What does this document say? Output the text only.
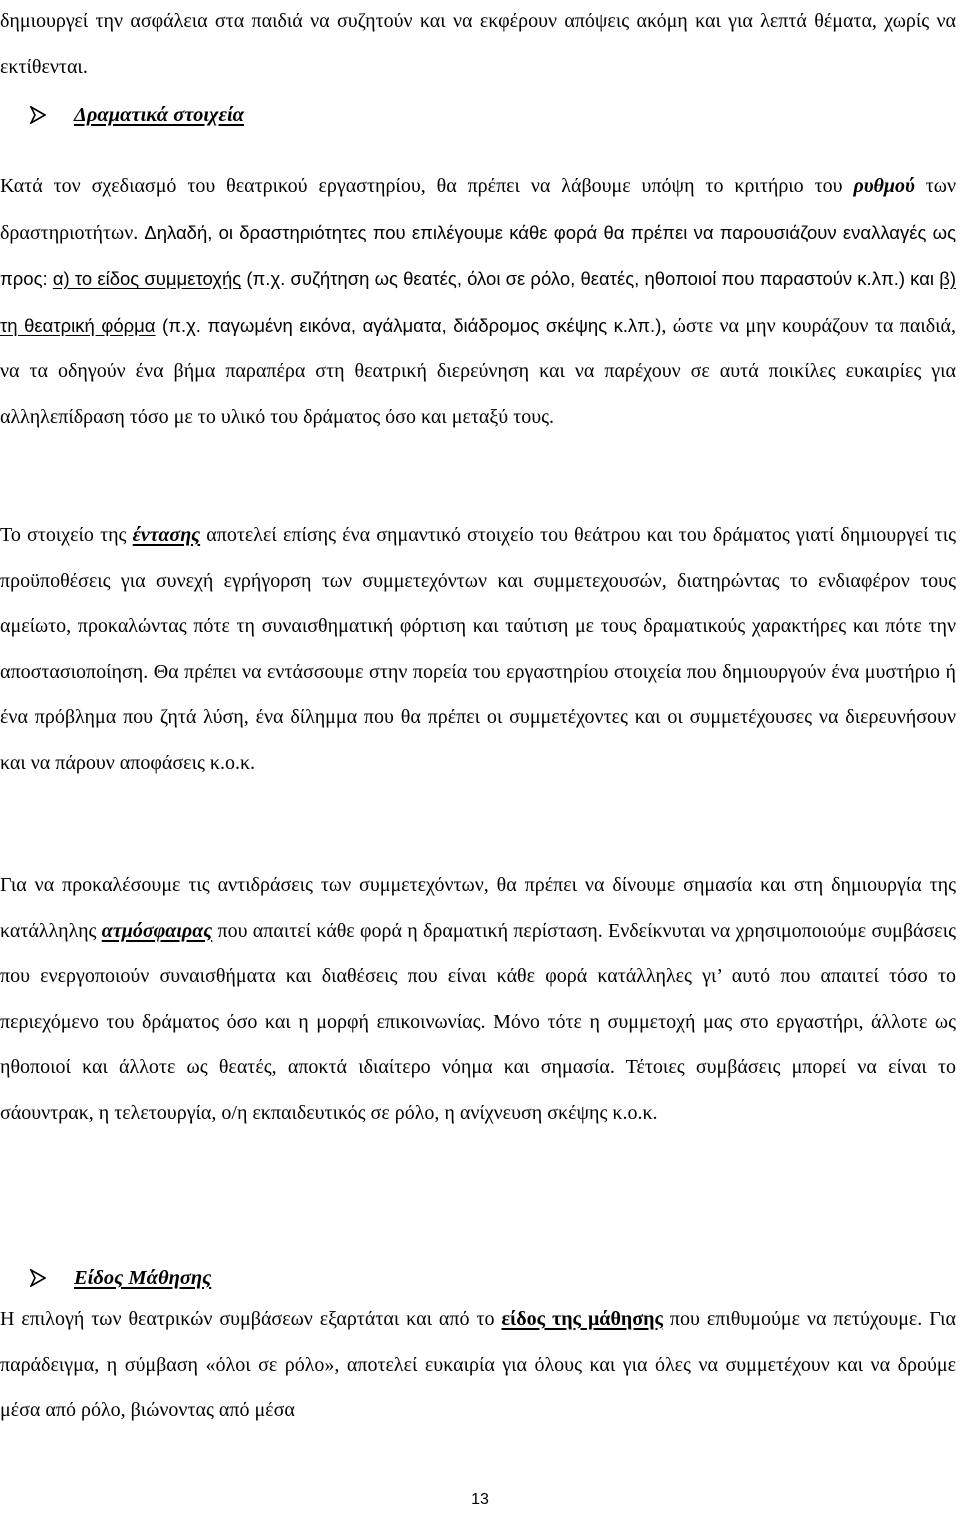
δημιουργεί την ασφάλεια στα παιδιά να συζητούν και να εκφέρουν απόψεις ακόμη και για λεπτά θέματα, χωρίς να εκτίθενται.

Δραματικά στοιχεία

Κατά τον σχεδιασμό του θεατρικού εργαστηρίου, θα πρέπει να λάβουμε υπόψη το κριτήριο του ρυθμού των δραστηριοτήτων. Δηλαδή, οι δραστηριότητες που επιλέγουμε κάθε φορά θα πρέπει να παρουσιάζουν εναλλαγές ως προς: α) το είδος συμμετοχής (π.χ. συζήτηση ως θεατές, όλοι σε ρόλο, θεατές, ηθοποιοί που παραστούν κ.λπ.) και β) τη θεατρική φόρμα (π.χ. παγωμένη εικόνα, αγάλματα, διάδρομος σκέψης κ.λπ.), ώστε να μην κουράζουν τα παιδιά, να τα οδηγούν ένα βήμα παραπέρα στη θεατρική διερεύνηση και να παρέχουν σε αυτά ποικίλες ευκαιρίες για αλληλεπίδραση τόσο με το υλικό του δράματος όσο και μεταξύ τους.

Το στοιχείο της έντασης αποτελεί επίσης ένα σημαντικό στοιχείο του θεάτρου και του δράματος γιατί δημιουργεί τις προϋποθέσεις για συνεχή εγρήγορση των συμμετεχόντων και συμμετεχουσών, διατηρώντας το ενδιαφέρον τους αμείωτο, προκαλώντας πότε τη συναισθηματική φόρτιση και ταύτιση με τους δραματικούς χαρακτήρες και πότε την αποστασιοποίηση. Θα πρέπει να εντάσσουμε στην πορεία του εργαστηρίου στοιχεία που δημιουργούν ένα μυστήριο ή ένα πρόβλημα που ζητά λύση, ένα δίλημμα που θα πρέπει οι συμμετέχοντες και οι συμμετέχουσες να διερευνήσουν και να πάρουν αποφάσεις κ.ο.κ.

Για να προκαλέσουμε τις αντιδράσεις των συμμετεχόντων, θα πρέπει να δίνουμε σημασία και στη δημιουργία της κατάλληλης ατμόσφαιρας που απαιτεί κάθε φορά η δραματική περίσταση. Ενδείκνυται να χρησιμοποιούμε συμβάσεις που ενεργοποιούν συναισθήματα και διαθέσεις που είναι κάθε φορά κατάλληλες γι’ αυτό που απαιτεί τόσο το περιεχόμενο του δράματος όσο και η μορφή επικοινωνίας. Μόνο τότε η συμμετοχή μας στο εργαστήρι, άλλοτε ως ηθοποιοί και άλλοτε ως θεατές, αποκτά ιδιαίτερο νόημα και σημασία. Τέτοιες συμβάσεις μπορεί να είναι το σάουντρακ, η τελετουργία, ο/η εκπαιδευτικός σε ρόλο, η ανίχνευση σκέψης κ.ο.κ.

Είδος Μάθησης

Η επιλογή των θεατρικών συμβάσεων εξαρτάται και από το είδος της μάθησης που επιθυμούμε να πετύχουμε. Για παράδειγμα, η σύμβαση «όλοι σε ρόλο», αποτελεί ευκαιρία για όλους και για όλες να συμμετέχουν και να δρούμε μέσα από ρόλο, βιώνοντας από μέσα

13
